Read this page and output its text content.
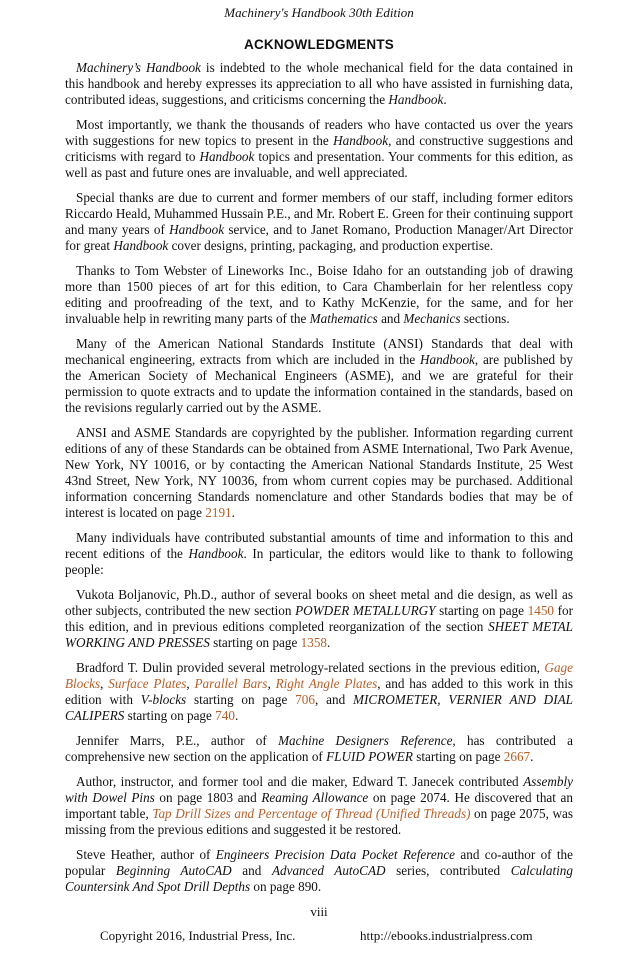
Machinery's Handbook 30th Edition
ACKNOWLEDGMENTS

Machinery’s Handbook is indebted to the whole mechanical field for the data contained in this handbook and hereby expresses its appreciation to all who have assisted in furnishing data, contributed ideas, suggestions, and criticisms concerning the Handbook.

Most importantly, we thank the thousands of readers who have contacted us over the years with suggestions for new topics to present in the Handbook, and constructive suggestions and criticisms with regard to Handbook topics and presentation. Your comments for this edition, as well as past and future ones are invaluable, and well appreciated.

Special thanks are due to current and former members of our staff, including former editors Riccardo Heald, Muhammed Hussain P.E., and Mr. Robert E. Green for their continuing support and many years of Handbook service, and to Janet Romano, Production Manager/Art Director for great Handbook cover designs, printing, packaging, and production expertise.

Thanks to Tom Webster of Lineworks Inc., Boise Idaho for an outstanding job of drawing more than 1500 pieces of art for this edition, to Cara Chamberlain for her relentless copy editing and proofreading of the text, and to Kathy McKenzie, for the same, and for her invaluable help in rewriting many parts of the Mathematics and Mechanics sections.

Many of the American National Standards Institute (ANSI) Standards that deal with mechanical engineering, extracts from which are included in the Handbook, are published by the American Society of Mechanical Engineers (ASME), and we are grateful for their permission to quote extracts and to update the information contained in the standards, based on the revisions regularly carried out by the ASME.

ANSI and ASME Standards are copyrighted by the publisher. Information regarding current editions of any of these Standards can be obtained from ASME International, Two Park Avenue, New York, NY 10016, or by contacting the American National Standards Institute, 25 West 43nd Street, New York, NY 10036, from whom current copies may be purchased. Additional information concerning Standards nomenclature and other Standards bodies that may be of interest is located on page 2191.

Many individuals have contributed substantial amounts of time and information to this and recent editions of the Handbook. In particular, the editors would like to thank to following people:

Vukota Boljanovic, Ph.D., author of several books on sheet metal and die design, as well as other subjects, contributed the new section POWDER METALLURGY starting on page 1450 for this edition, and in previous editions completed reorganization of the section SHEET METAL WORKING AND PRESSES starting on page 1358.

Bradford T. Dulin provided several metrology-related sections in the previous edition, Gage Blocks, Surface Plates, Parallel Bars, Right Angle Plates, and has added to this work in this edition with V-blocks starting on page 706, and MICROMETER, VERNIER AND DIAL CALIPERS starting on page 740.

Jennifer Marrs, P.E., author of Machine Designers Reference, has contributed a comprehensive new section on the application of FLUID POWER starting on page 2667.

Author, instructor, and former tool and die maker, Edward T. Janecek contributed Assembly with Dowel Pins on page 1803 and Reaming Allowance on page 2074. He discovered that an important table, Tap Drill Sizes and Percentage of Thread (Unified Threads) on page 2075, was missing from the previous editions and suggested it be restored.

Steve Heather, author of Engineers Precision Data Pocket Reference and co-author of the popular Beginning AutoCAD and Advanced AutoCAD series, contributed Calculating Countersink And Spot Drill Depths on page 890.

viii
Copyright 2016, Industrial Press, Inc.	http://ebooks.industrialpress.com
